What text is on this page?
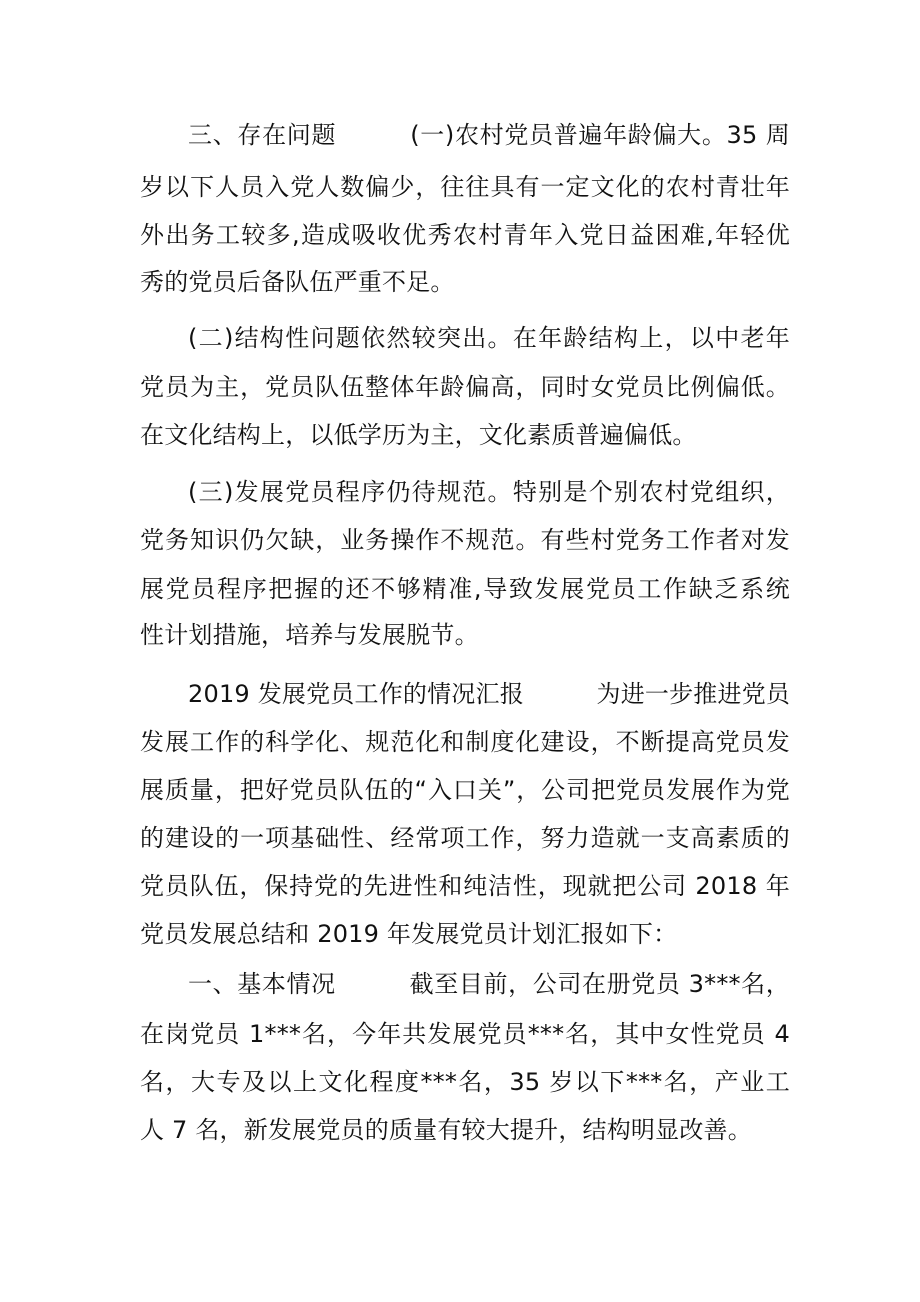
三、存在问题　　　(一)农村党员普遍年龄偏大。35 周
岁以下人员入党人数偏少，往往具有一定文化的农村青壮年
外出务工较多,造成吸收优秀农村青年入党日益困难,年轻优
秀的党员后备队伍严重不足。
(二)结构性问题依然较突出。在年龄结构上，以中老年
党员为主，党员队伍整体年龄偏高，同时女党员比例偏低。
在文化结构上，以低学历为主，文化素质普遍偏低。
(三)发展党员程序仍待规范。特别是个别农村党组织，
党务知识仍欠缺，业务操作不规范。有些村党务工作者对发
展党员程序把握的还不够精准,导致发展党员工作缺乏系统
性计划措施，培养与发展脱节。
2019 发展党员工作的情况汇报　　　为进一步推进党员
发展工作的科学化、规范化和制度化建设，不断提高党员发
展质量，把好党员队伍的“入口关”，公司把党员发展作为党
的建设的一项基础性、经常项工作，努力造就一支高素质的
党员队伍，保持党的先进性和纯洁性，现就把公司 2018 年
党员发展总结和 2019 年发展党员计划汇报如下：
一、基本情况　　　截至目前，公司在册党员 3***名，
在岗党员 1***名，今年共发展党员***名，其中女性党员 4
名，大专及以上文化程度***名，35 岁以下***名，产业工
人 7 名，新发展党员的质量有较大提升，结构明显改善。
